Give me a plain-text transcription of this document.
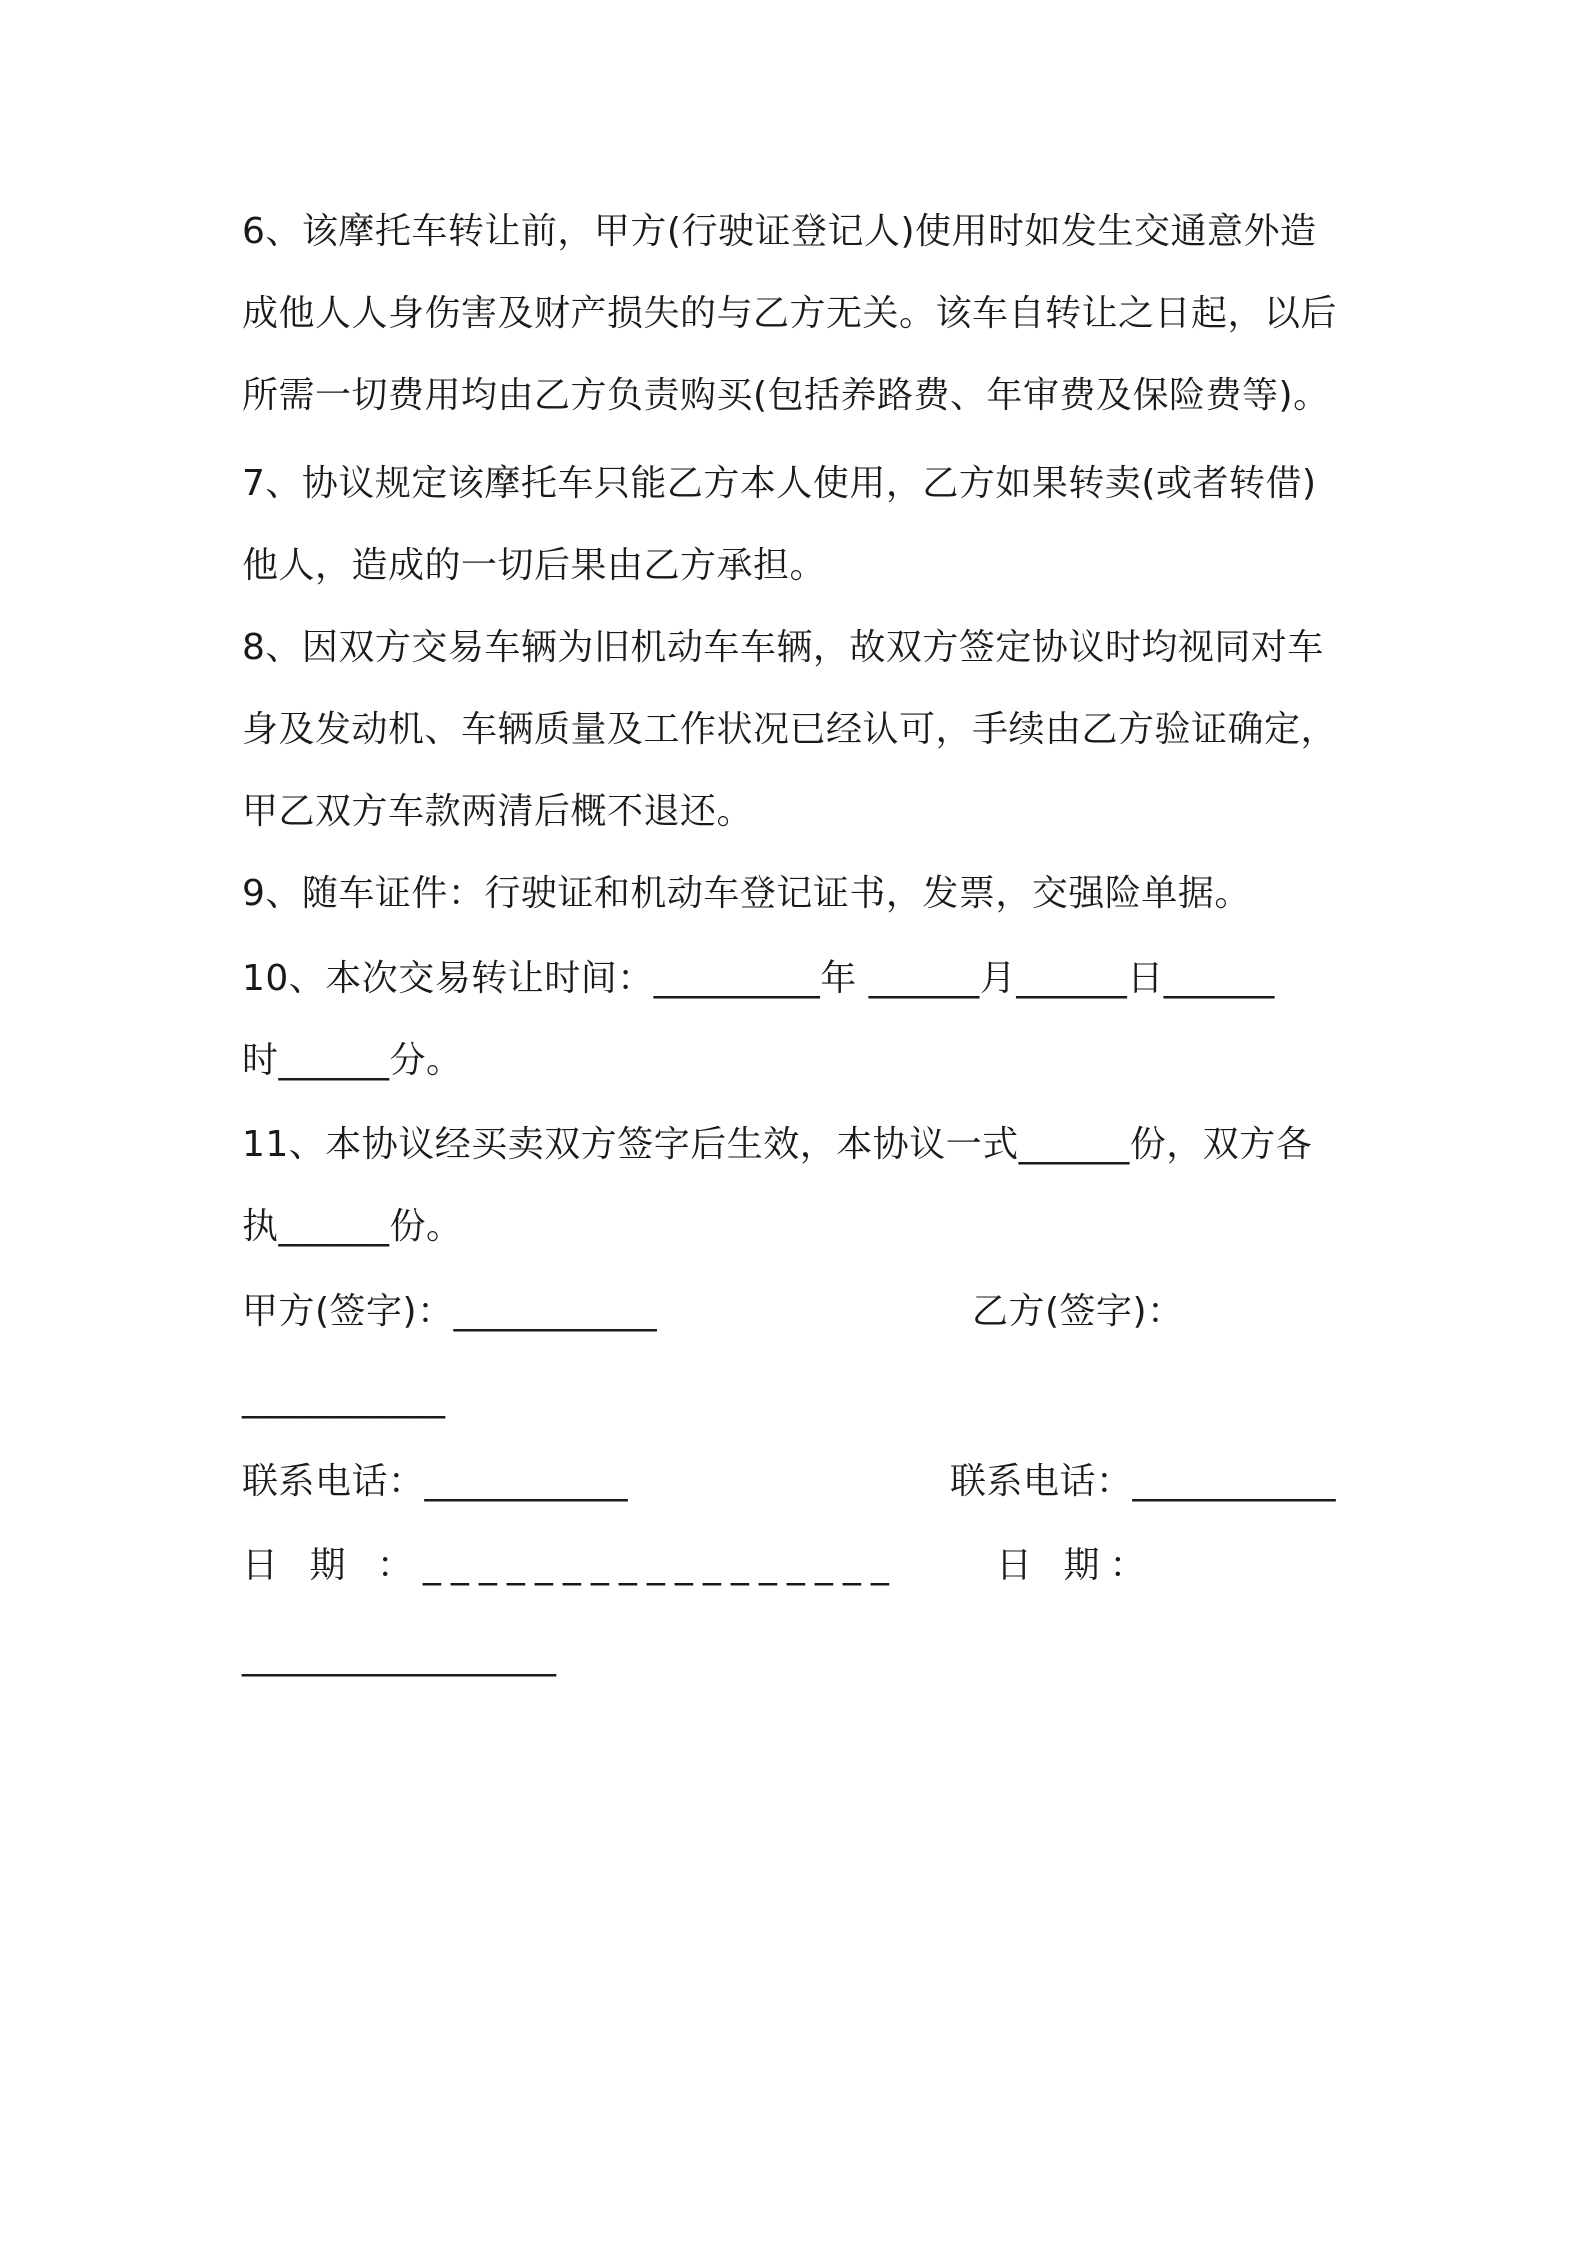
6、该摩托车转让前，甲方(行驶证登记人)使用时如发生交通意外造
成他人人身伤害及财产损失的与乙方无关。该车自转让之日起，以后
所需一切费用均由乙方负责购买(包括养路费、年审费及保险费等)。
7、协议规定该摩托车只能乙方本人使用，乙方如果转卖(或者转借)
他人，造成的一切后果由乙方承担。
8、因双方交易车辆为旧机动车车辆，故双方签定协议时均视同对车
身及发动机、车辆质量及工作状况已经认可，手续由乙方验证确定，
甲乙双方车款两清后概不退还。
9、随车证件：行驶证和机动车登记证书，发票，交强险单据。
10、本次交易转让时间：_________年 ______月______日______
时______分。
11、本协议经买卖双方签字后生效，本协议一式______份，双方各
执______份。
甲方(签字)：___________	乙方(签字)：
___________
联系电话：___________	联系电话：___________
日 期 ：_________________	日 期：
_________________
